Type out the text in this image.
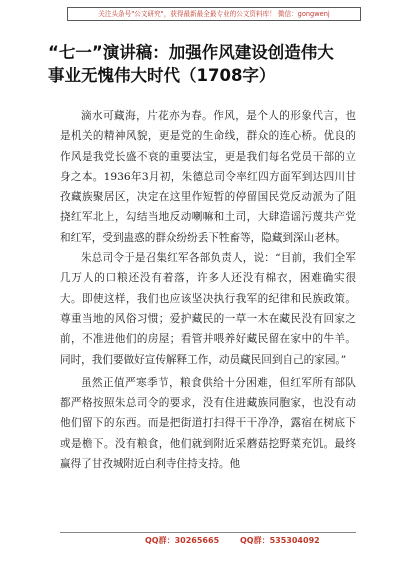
关注头条号"公文研究"，获得最新最全最专业的公文资料库！ 微信：gongwenj
“七一”演讲稿：加强作风建设创造伟大
事业无愧伟大时代（1708字）

滴水可藏海，片花亦为春。作风，是个人的形象代言，也是机关的精神风貌，更是党的生命线，群众的连心桥。优良的作风是我党长盛不衰的重要法宝，更是我们每名党员干部的立身之本。1936年3月初，朱德总司令率红四方面军到达四川甘孜藏族聚居区，决定在这里作短暂的停留国民党反动派为了阻挠红军北上，勾结当地反动喇嘛和土司，大肆造谣污蔑共产党和红军，受到蛊惑的群众纷纷丢下牲畜等，隐藏到深山老林。

朱总司令于是召集红军各部负责人，说：“目前，我们全军几万人的口粮还没有着落，许多人还没有棉衣，困难确实很大。即使这样，我们也应该坚决执行我军的纪律和民族政策。尊重当地的风俗习惯；爱护藏民的一草一木在藏民没有回家之前，不准进他们的房屋；看管并喂养好藏民留在家中的牛羊。同时，我们要做好宣传解释工作，动员藏民回到自己的家园。”

虽然正值严寒季节，粮食供给十分困难，但红军所有部队都严格按照朱总司令的要求，没有住进藏族同胞家，也没有动他们留下的东西。而是把街道打扫得干干净净，露宿在树底下或是檐下。没有粮食，他们就到附近采蘑菇挖野菜充饥。最终赢得了甘孜城附近白利寺住持支持。他

QQ群：30265665	QQ群：535304092
